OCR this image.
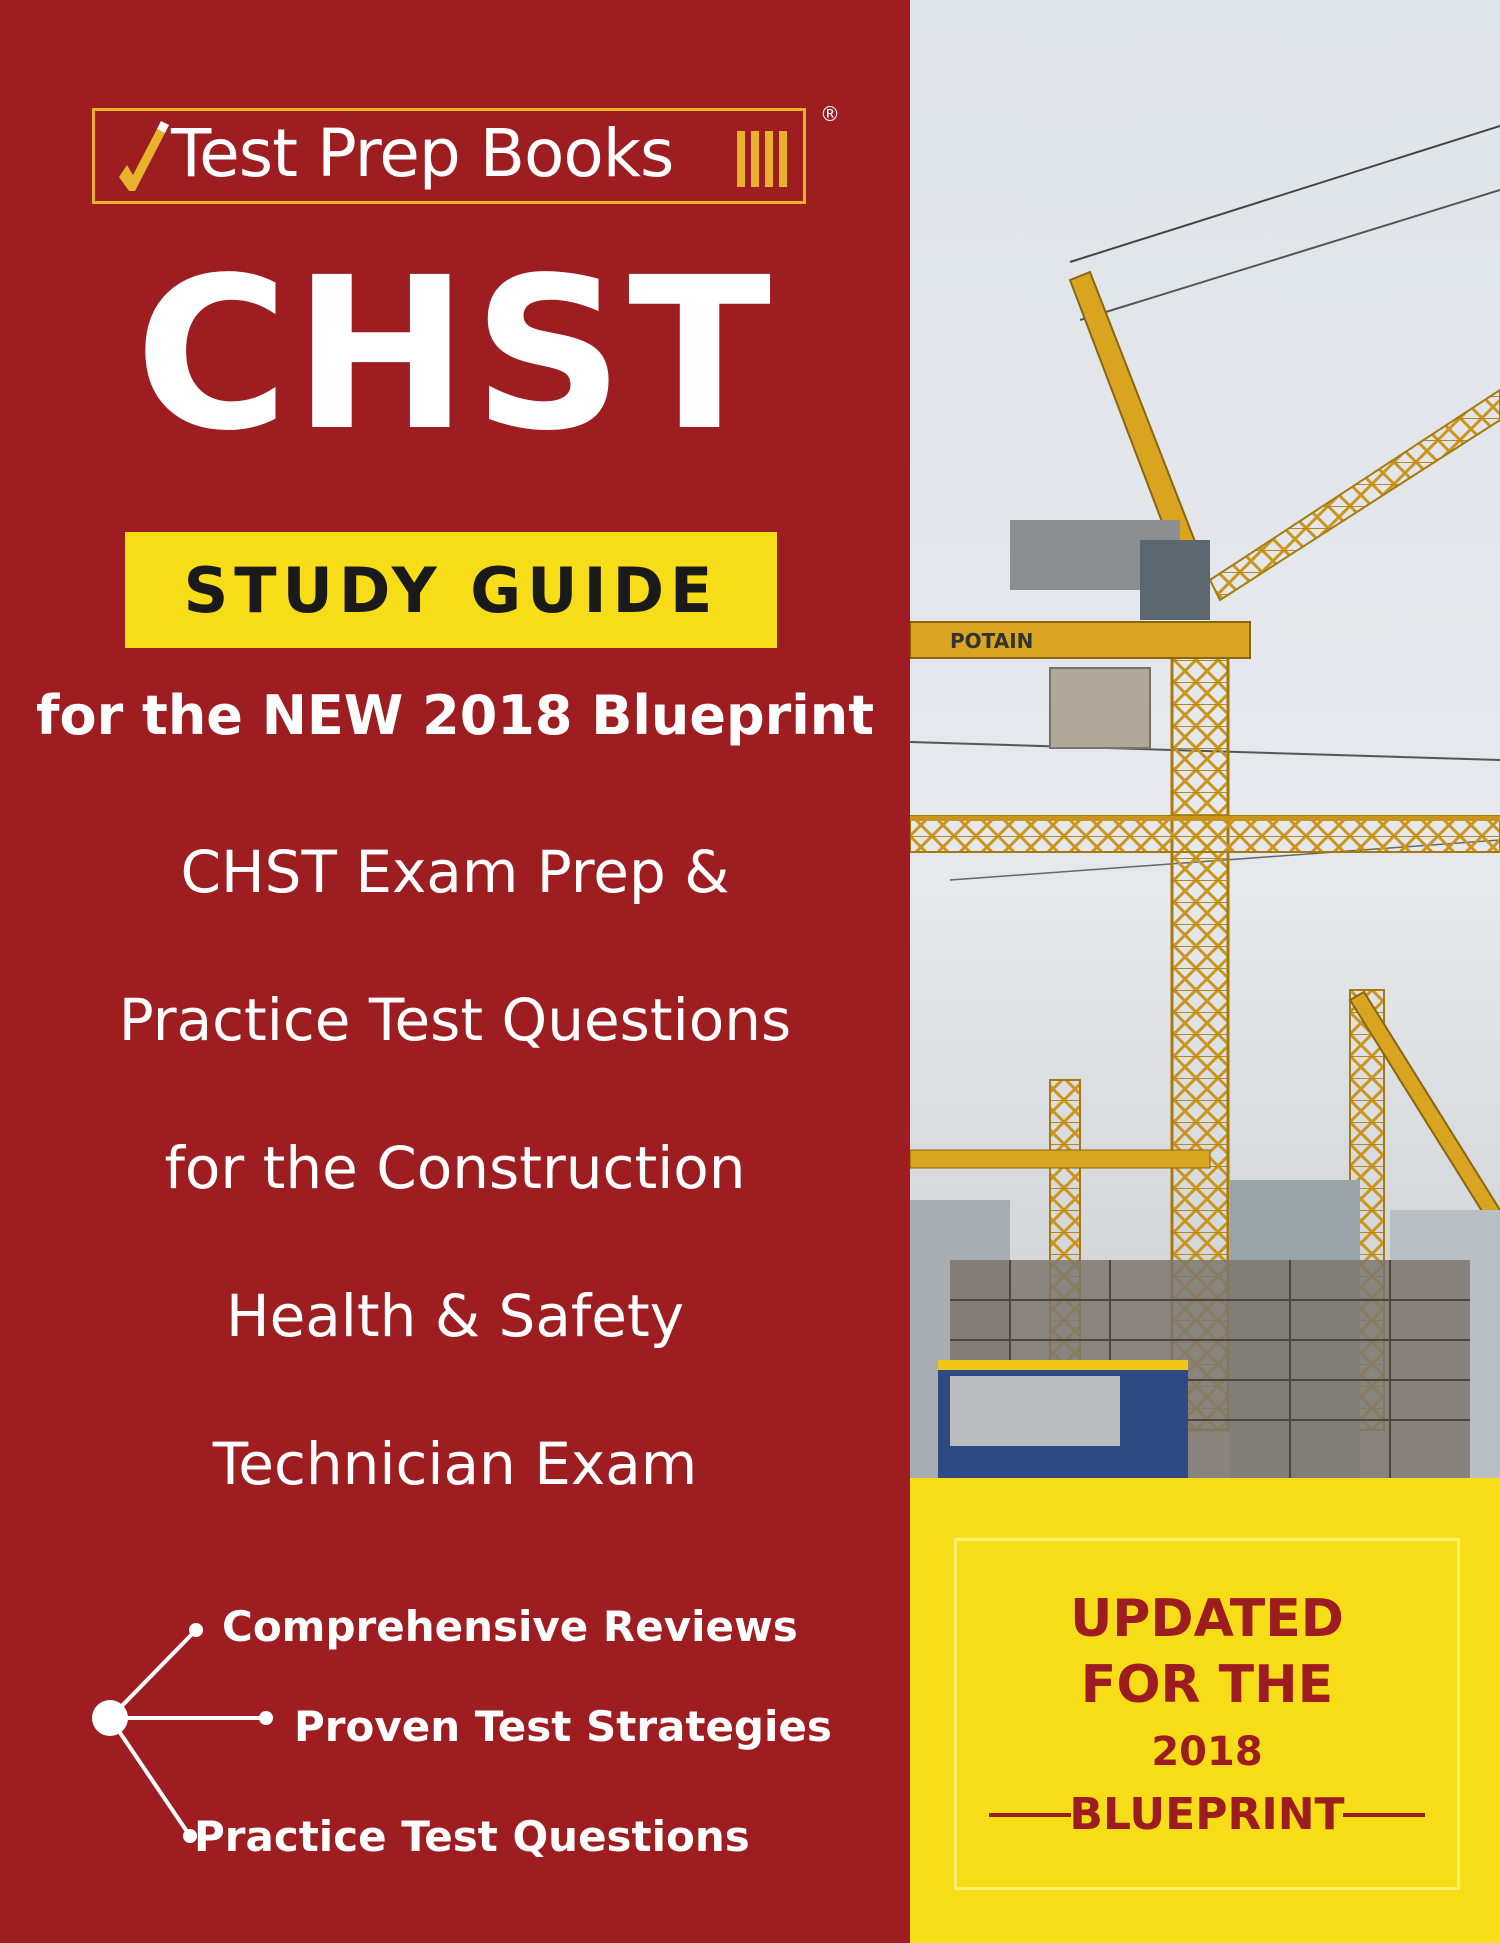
Test Prep Books
®
CHST
STUDY GUIDE
for the NEW 2018 Blueprint
CHST Exam Prep &
Practice Test Questions
for the Construction
Health & Safety
Technician Exam
Comprehensive Reviews
Proven Test Strategies
Practice Test Questions
POTAIN
UPDATED
FOR THE
2018
BLUEPRINT
